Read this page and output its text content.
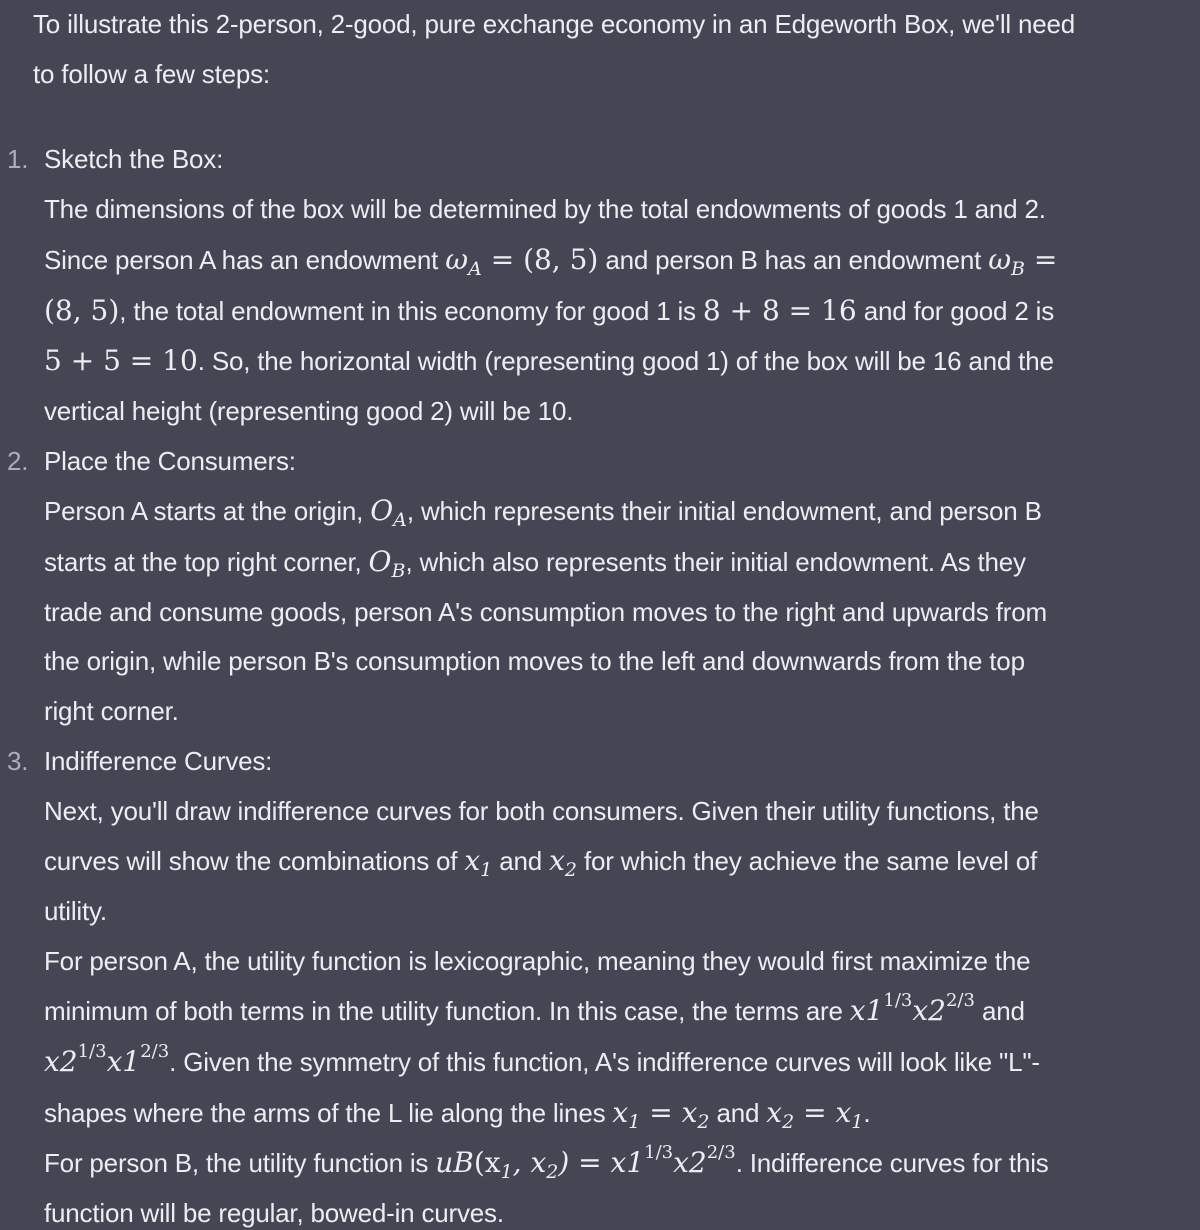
To illustrate this 2-person, 2-good, pure exchange economy in an Edgeworth Box, we'll need
to follow a few steps:

1. Sketch the Box:
The dimensions of the box will be determined by the total endowments of goods 1 and 2.
Since person A has an endowment $\omega_A = (8$, 5) and person B has an endowment $\omega_B$ =
(8, 5), the total endowment in this economy for good 1 is 8 + 8 = 16 and for good 2 is
5 + 5 = 10. So, the horizontal width (representing good 1) of the box will be 16 and the
vertical height (representing good 2) will be 10.
2. Place the Consumers:
Person A starts at the origin, $O_A$, which represents their initial endowment, and person B
starts at the top right corner, $O_B$, which also represents their initial endowment. As they
trade and consume goods, person A's consumption moves to the right and upwards from
the origin, while person B's consumption moves to the left and downwards from the top
right corner.
3. Indifference Curves:
Next, you'll draw indifference curves for both consumers. Given their utility functions, the
curves will show the combinations of $x_1$ and $x_2$ for which they achieve the same level of
utility.
For person A, the utility function is lexicographic, meaning they would first maximize the
minimum of both terms in the utility function. In this case, the terms are $x1^{1/3}x2^{2/3}$ and
$x2^{1/3}x1^{2/3}$. Given the symmetry of this function, A's indifference curves will look like "L"-
shapes where the arms of the L lie along the lines $x_1 = x_2$ and $x_2 = x_1$.
For person B, the utility function is $uB(x_1$, $x_2) = x1^{1/3}x2^{2/3}$. Indifference curves for this
function will be regular, bowed-in curves.
